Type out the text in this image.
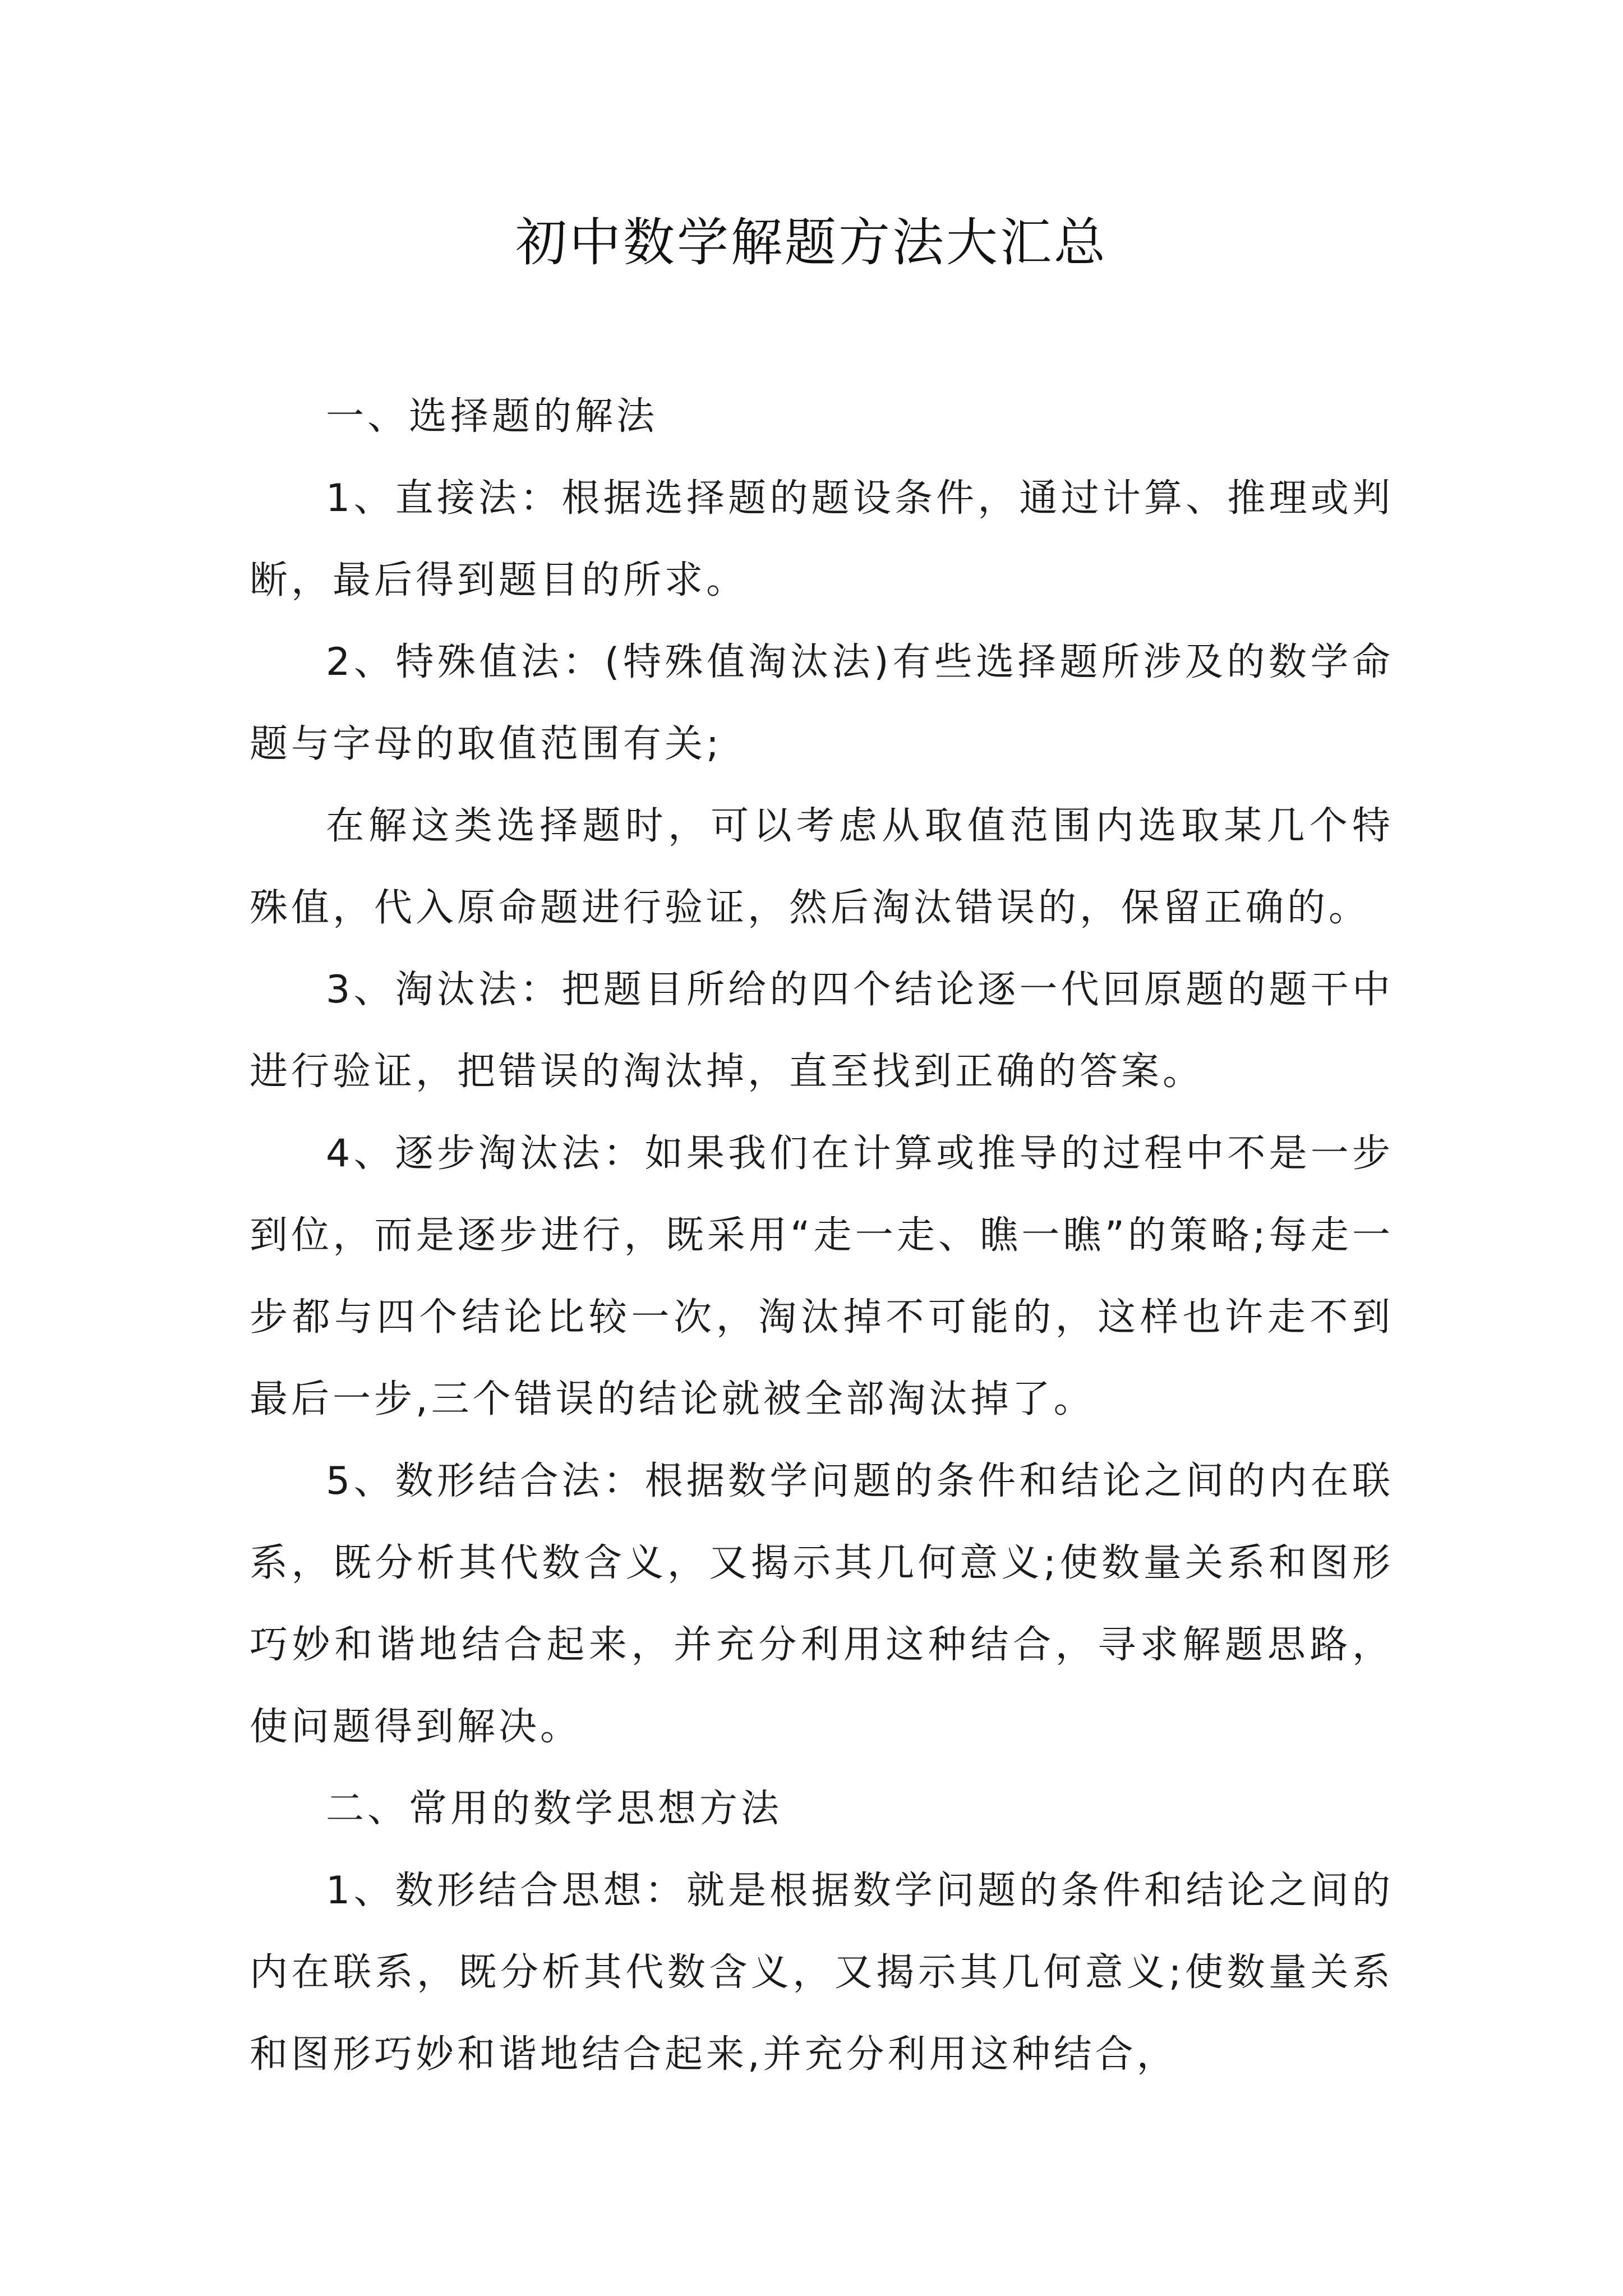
初中数学解题方法大汇总

一、选择题的解法

1、直接法：根据选择题的题设条件，通过计算、推理或判断，最后得到题目的所求。

2、特殊值法：(特殊值淘汰法)有些选择题所涉及的数学命题与字母的取值范围有关;

在解这类选择题时，可以考虑从取值范围内选取某几个特殊值，代入原命题进行验证，然后淘汰错误的，保留正确的。

3、淘汰法：把题目所给的四个结论逐一代回原题的题干中进行验证，把错误的淘汰掉，直至找到正确的答案。

4、逐步淘汰法：如果我们在计算或推导的过程中不是一步到位，而是逐步进行，既采用“走一走、瞧一瞧”的策略;每走一步都与四个结论比较一次，淘汰掉不可能的，这样也许走不到最后一步,三个错误的结论就被全部淘汰掉了。

5、数形结合法：根据数学问题的条件和结论之间的内在联系，既分析其代数含义，又揭示其几何意义;使数量关系和图形巧妙和谐地结合起来，并充分利用这种结合，寻求解题思路，使问题得到解决。

二、常用的数学思想方法

1、数形结合思想：就是根据数学问题的条件和结论之间的内在联系，既分析其代数含义，又揭示其几何意义;使数量关系和图形巧妙和谐地结合起来,并充分利用这种结合，
